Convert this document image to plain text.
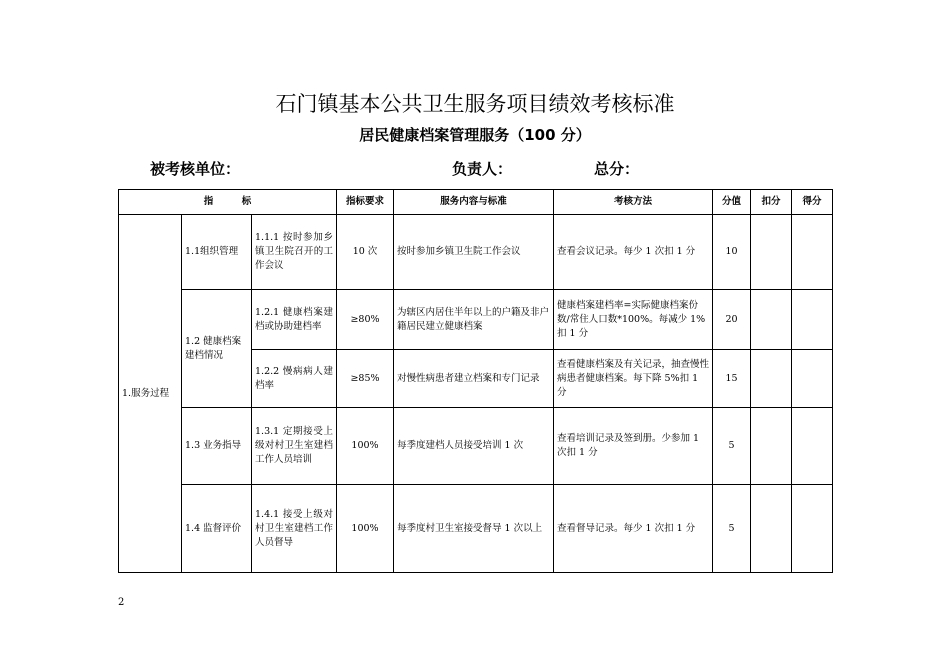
石门镇基本公共卫生服务项目绩效考核标准
居民健康档案管理服务（100 分）
被考核单位：	负责人：	总分：
指　　　标			指标要求	服务内容与标准	考核方法	分值	扣分	得分
1.服务过程	1.1组织管理	1.1.1 按时参加乡镇卫生院召开的工作会议	10 次	按时参加乡镇卫生院工作会议	查看会议记录。每少 1 次扣 1 分	10		
	1.2 健康档案建档情况	1.2.1 健康档案建档或协助建档率	≥80%	为辖区内居住半年以上的户籍及非户籍居民建立健康档案	健康档案建档率=实际健康档案份数/常住人口数*100%。每减少 1%扣 1 分	20		
		1.2.2 慢病病人建档率	≥85%	对慢性病患者建立档案和专门记录	查看健康档案及有关记录，抽查慢性病患者健康档案。每下降 5%扣 1 分	15		
	1.3 业务指导	1.3.1 定期接受上级对村卫生室建档工作人员培训	100%	每季度建档人员接受培训 1 次	查看培训记录及签到册。少参加 1 次扣 1 分	5		
	1.4 监督评价	1.4.1 接受上级对村卫生室建档工作人员督导	100%	每季度村卫生室接受督导 1 次以上	查看督导记录。每少 1 次扣 1 分	5		
2
